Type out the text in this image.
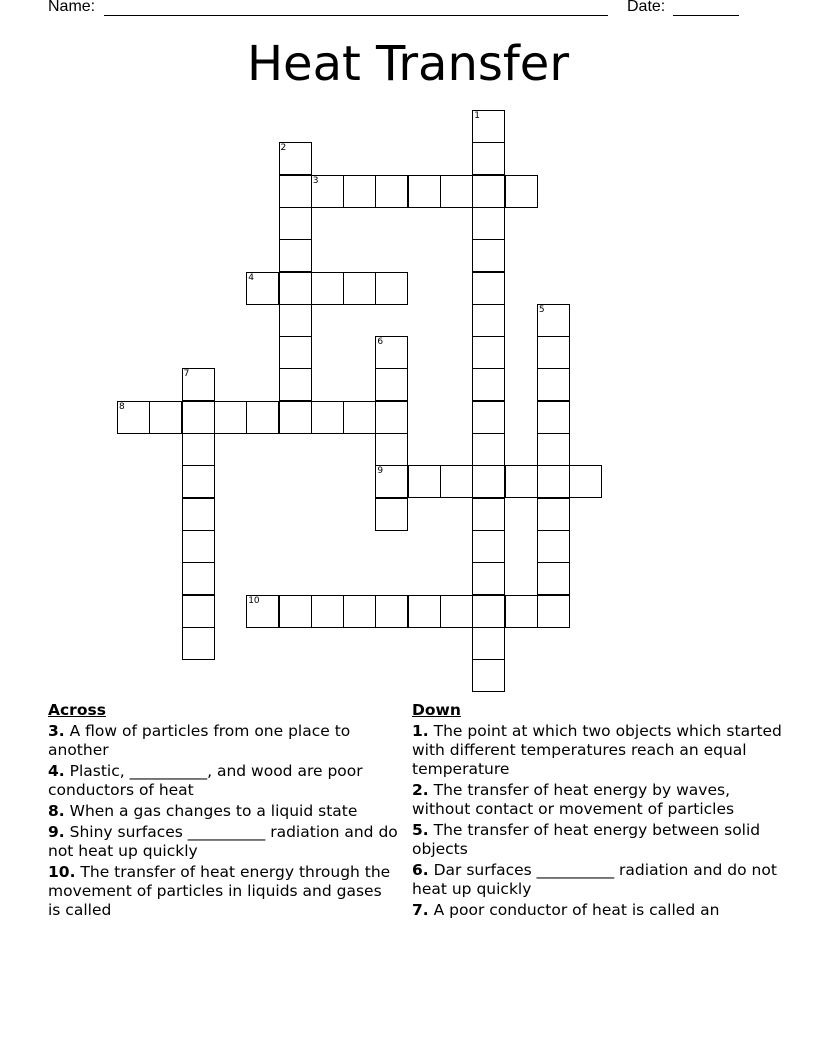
Name:	Date:
Heat Transfer
1
2
3
4
5
6
9
7
8
10
Across
3. A flow of particles from one place to another
4. Plastic, __________, and wood are poor conductors of heat
8. When a gas changes to a liquid state
9. Shiny surfaces __________ radiation and do not heat up quickly
10. The transfer of heat energy through the movement of particles in liquids and gases is called
Down
1. The point at which two objects which started with different temperatures reach an equal temperature
2. The transfer of heat energy by waves, without contact or movement of particles
5. The transfer of heat energy between solid objects
6. Dar surfaces __________ radiation and do not heat up quickly
7. A poor conductor of heat is called an
